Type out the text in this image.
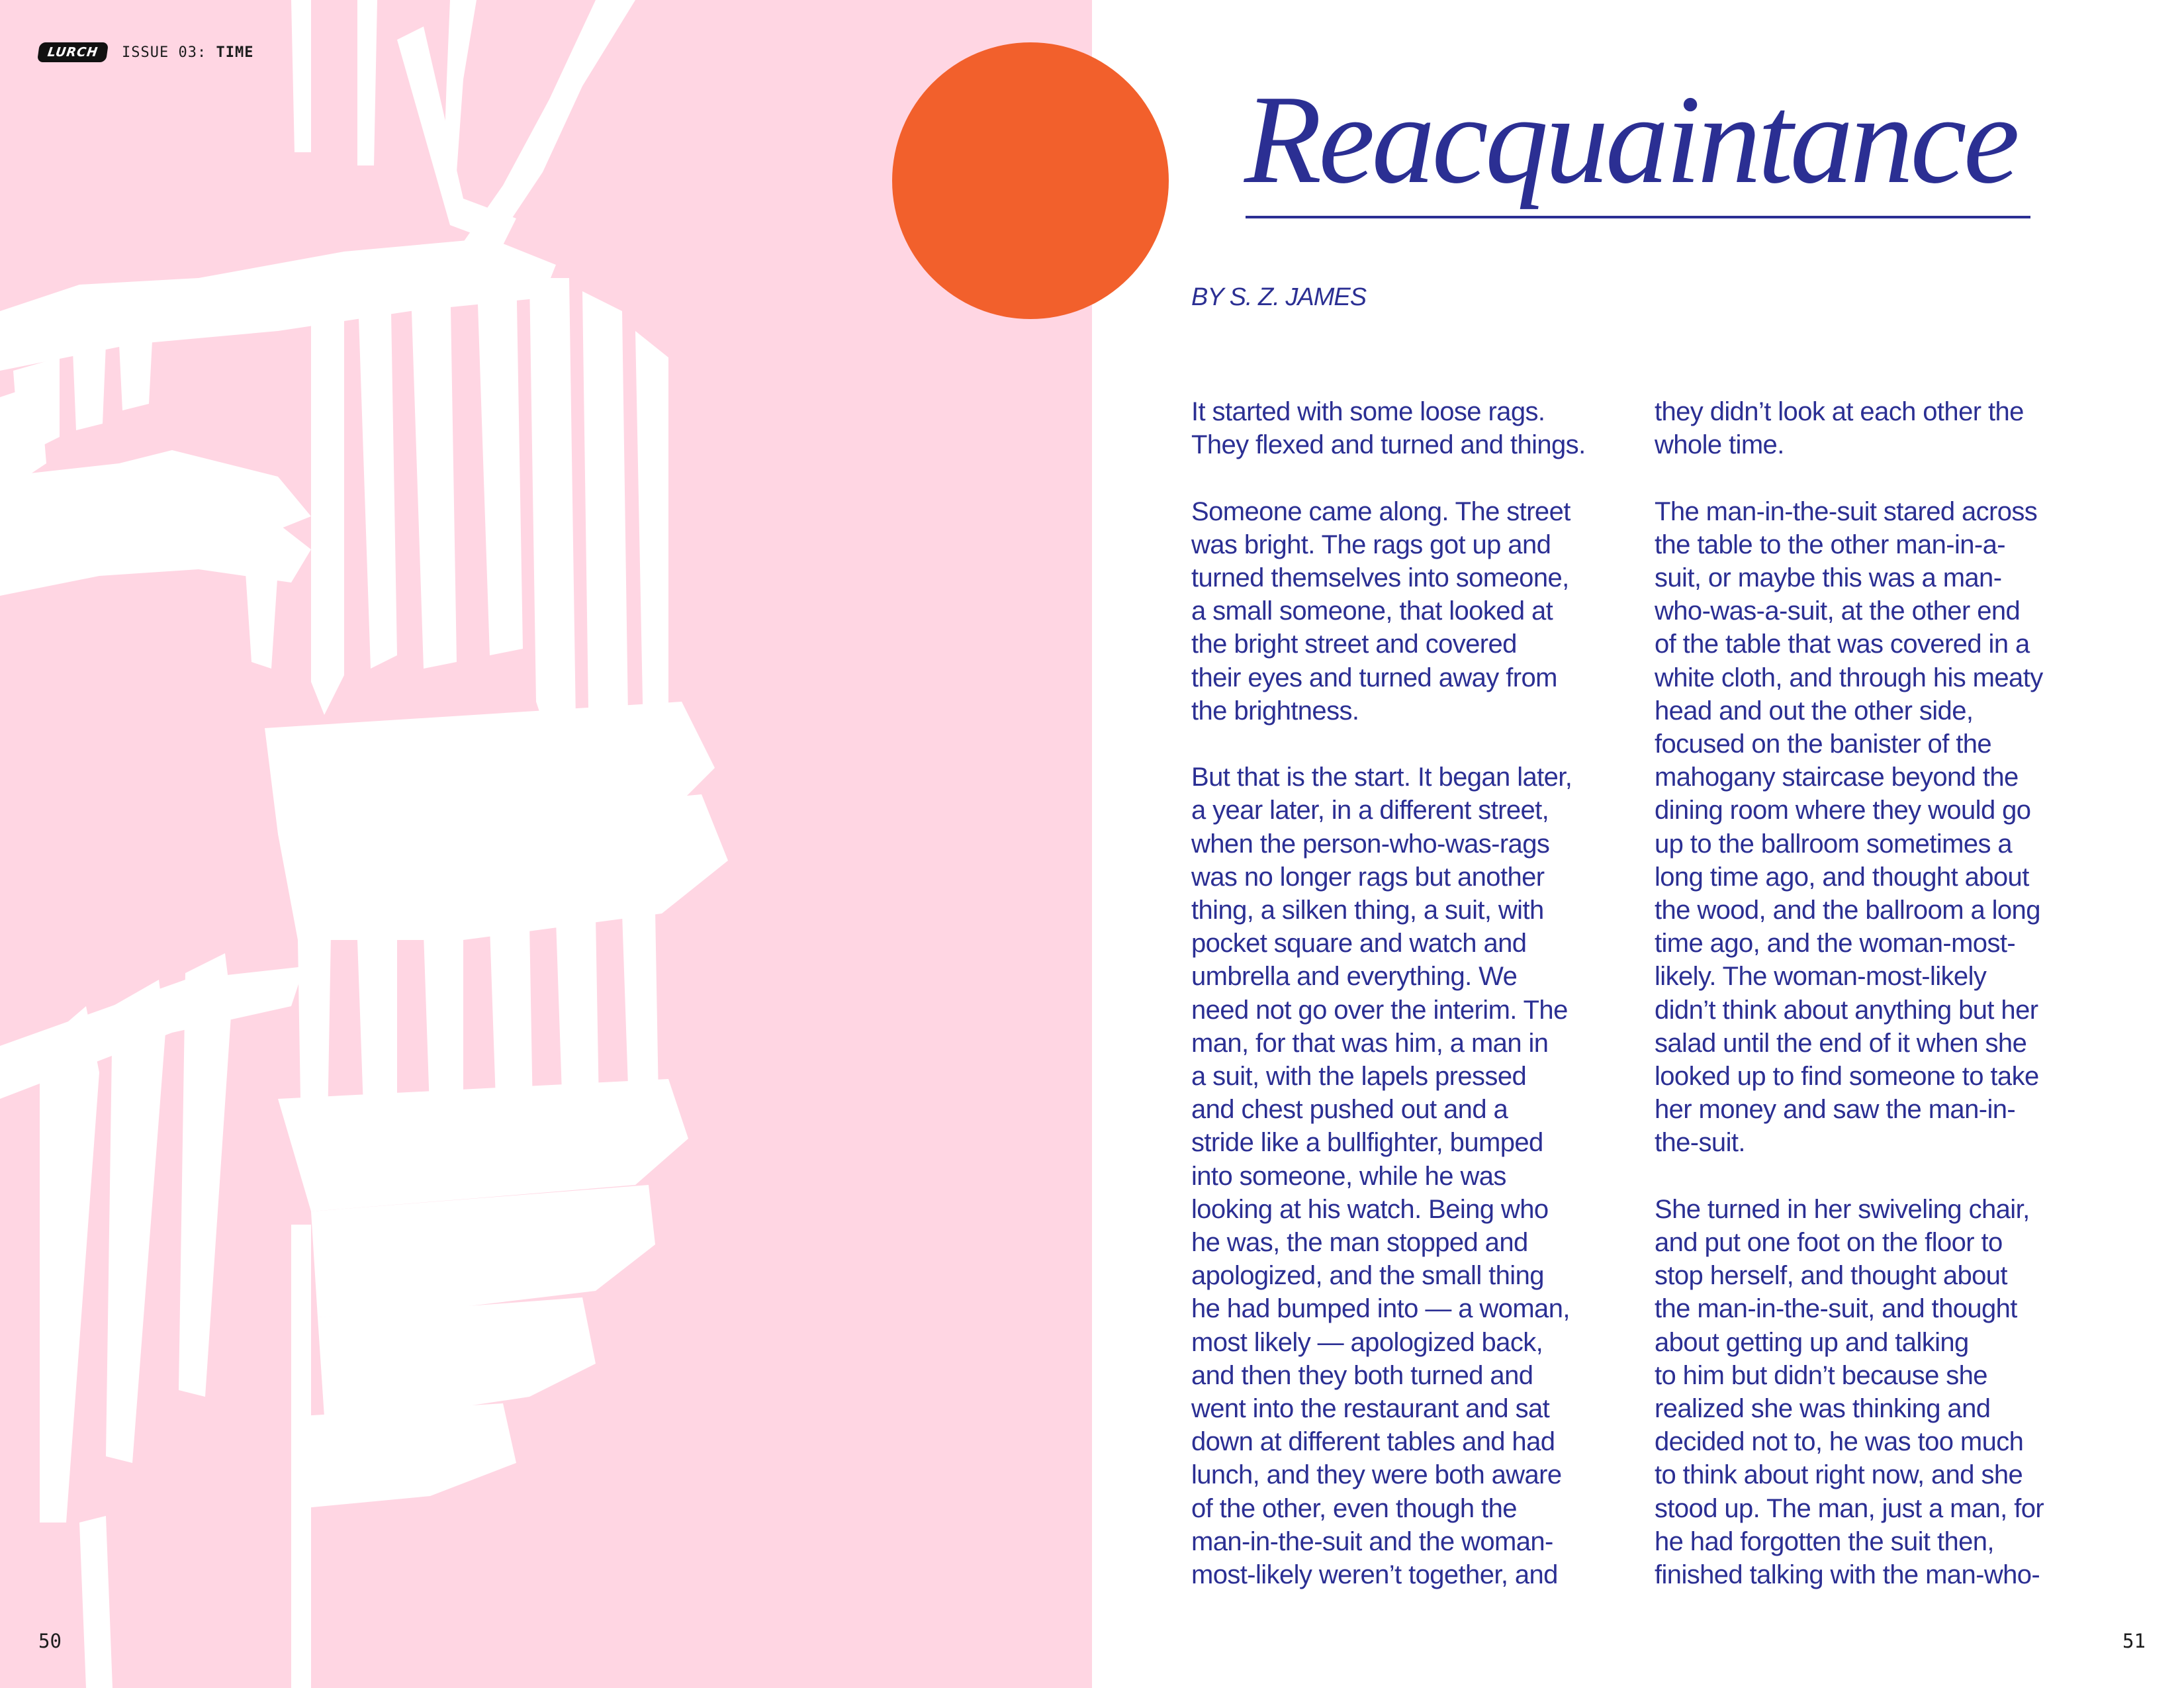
LURCH	ISSUE 03: TIME
50	51
Reacquaintance
BY S. Z. JAMES
It started with some loose rags.
They flexed and turned and things.
Someone came along. The street
was bright. The rags got up and
turned themselves into someone,
a small someone, that looked at
the bright street and covered
their eyes and turned away from
the brightness.
But that is the start. It began later,
a year later, in a different street,
when the person-who-was-rags
was no longer rags but another
thing, a silken thing, a suit, with
pocket square and watch and
umbrella and everything. We
need not go over the interim. The
man, for that was him, a man in
a suit, with the lapels pressed
and chest pushed out and a
stride like a bullfighter, bumped
into someone, while he was
looking at his watch. Being who
he was, the man stopped and
apologized, and the small thing
he had bumped into — a woman,
most likely — apologized back,
and then they both turned and
went into the restaurant and sat
down at different tables and had
lunch, and they were both aware
of the other, even though the
man-in-the-suit and the woman-
most-likely weren’t together, and
they didn’t look at each other the
whole time.
The man-in-the-suit stared across
the table to the other man-in-a-
suit, or maybe this was a man-
who-was-a-suit, at the other end
of the table that was covered in a
white cloth, and through his meaty
head and out the other side,
focused on the banister of the
mahogany staircase beyond the
dining room where they would go
up to the ballroom sometimes a
long time ago, and thought about
the wood, and the ballroom a long
time ago, and the woman-most-
likely. The woman-most-likely
didn’t think about anything but her
salad until the end of it when she
looked up to find someone to take
her money and saw the man-in-
the-suit.
She turned in her swiveling chair,
and put one foot on the floor to
stop herself, and thought about
the man-in-the-suit, and thought
about getting up and talking
to him but didn’t because she
realized she was thinking and
decided not to, he was too much
to think about right now, and she
stood up. The man, just a man, for
he had forgotten the suit then,
finished talking with the man-who-
